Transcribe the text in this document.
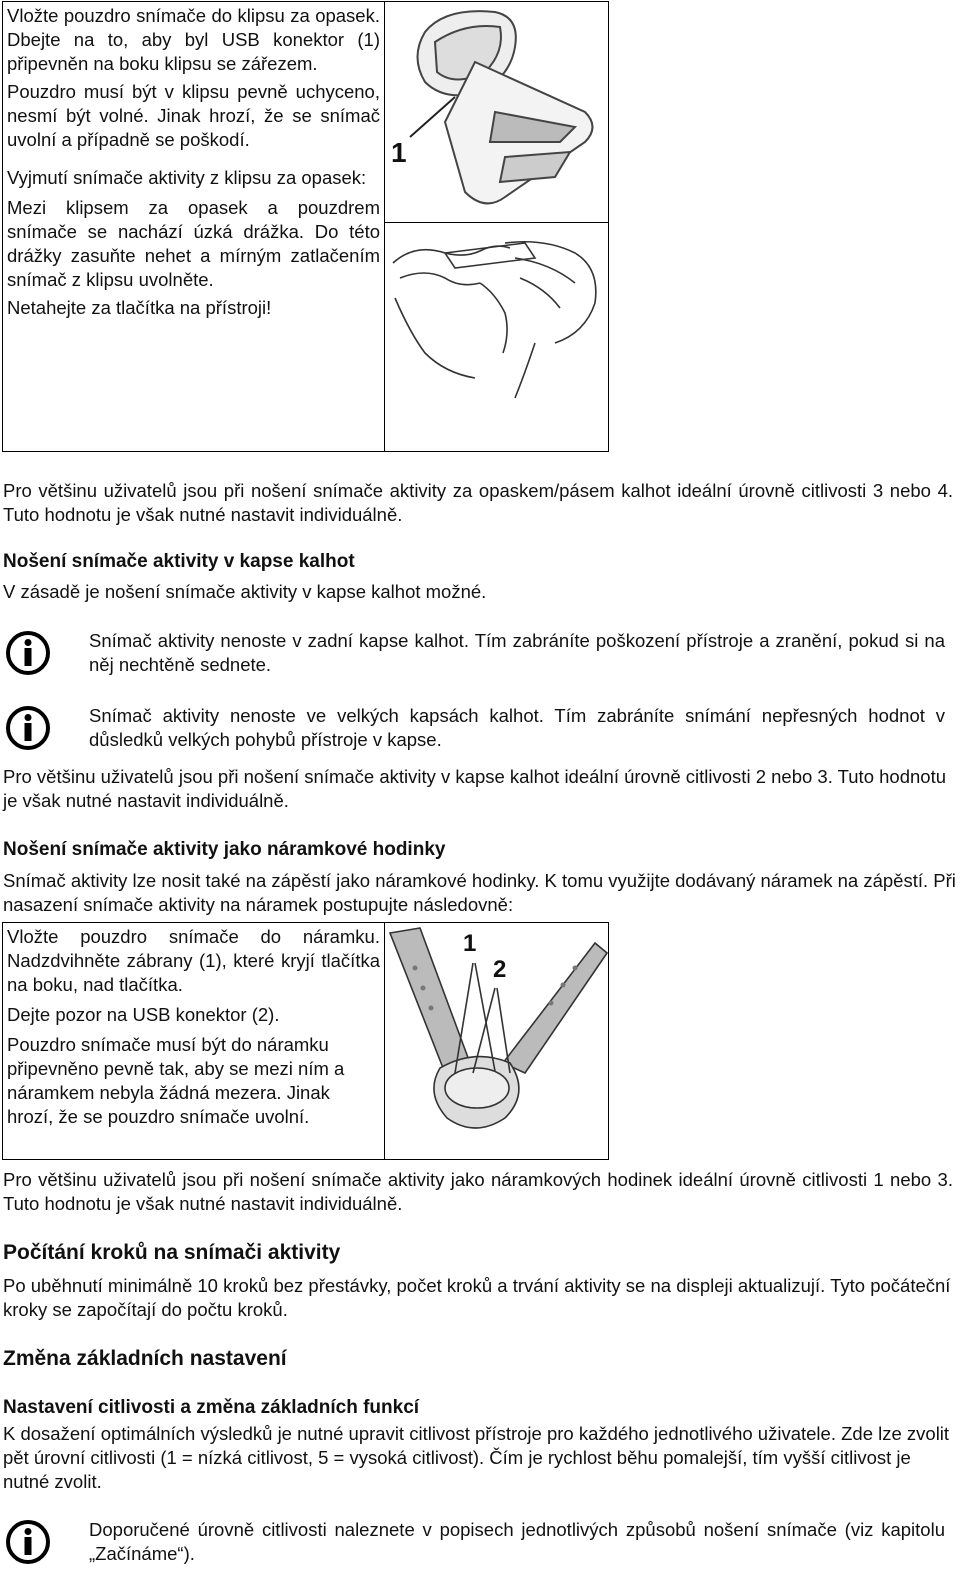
Vložte pouzdro snímače do klipsu za opasek. Dbejte na to, aby byl USB konektor (1) připevněn na boku klipsu se zářezem.

Pouzdro musí být v klipsu pevně uchyceno, nesmí být volné. Jinak hrozí, že se snímač uvolní a případně se poškodí.

Vyjmutí snímače aktivity z klipsu za opasek:

Mezi klipsem za opasek a pouzdrem snímače se nachází úzká drážka. Do této drážky zasuňte nehet a mírným zatlačením snímač z klipsu uvolněte.

Netahejte za tlačítka na přístroji!

1

Pro většinu uživatelů jsou při nošení snímače aktivity za opaskem/pásem kalhot ideální úrovně citlivosti 3 nebo 4. Tuto hodnotu je však nutné nastavit individuálně.

Nošení snímače aktivity v kapse kalhot

V zásadě je nošení snímače aktivity v kapse kalhot možné.

Snímač aktivity nenoste v zadní kapse kalhot. Tím zabráníte poškození přístroje a zranění, pokud si na něj nechtěně sednete.

Snímač aktivity nenoste ve velkých kapsách kalhot. Tím zabráníte snímání nepřesných hodnot v důsledků velkých pohybů přístroje v kapse.

Pro většinu uživatelů jsou při nošení snímače aktivity v kapse kalhot ideální úrovně citlivosti 2 nebo 3. Tuto hodnotu je však nutné nastavit individuálně.

Nošení snímače aktivity jako náramkové hodinky

Snímač aktivity lze nosit také na zápěstí jako náramkové hodinky. K tomu využijte dodávaný náramek na zápěstí. Při nasazení snímače aktivity na náramek postupujte následovně:

Vložte pouzdro snímače do náramku. Nadzdvihněte zábrany (1), které kryjí tlačítka na boku, nad tlačítka.

Dejte pozor na USB konektor (2).

Pouzdro snímače musí být do náramku připevněno pevně tak, aby se mezi ním a náramkem nebyla žádná mezera. Jinak hrozí, že se pouzdro snímače uvolní.

1
2

Pro většinu uživatelů jsou při nošení snímače aktivity jako náramkových hodinek ideální úrovně citlivosti 1 nebo 3. Tuto hodnotu je však nutné nastavit individuálně.

Počítání kroků na snímači aktivity

Po uběhnutí minimálně 10 kroků bez přestávky, počet kroků a trvání aktivity se na displeji aktualizují. Tyto počáteční kroky se započítají do počtu kroků.

Změna základních nastavení
Nastavení citlivosti a změna základních funkcí

K dosažení optimálních výsledků je nutné upravit citlivost přístroje pro každého jednotlivého uživatele. Zde lze zvolit pět úrovní citlivosti (1 = nízká citlivost, 5 = vysoká citlivost). Čím je rychlost běhu pomalejší, tím vyšší citlivost je nutné zvolit.

Doporučené úrovně citlivosti naleznete v popisech jednotlivých způsobů nošení snímače (viz kapitolu „Začínáme“).
